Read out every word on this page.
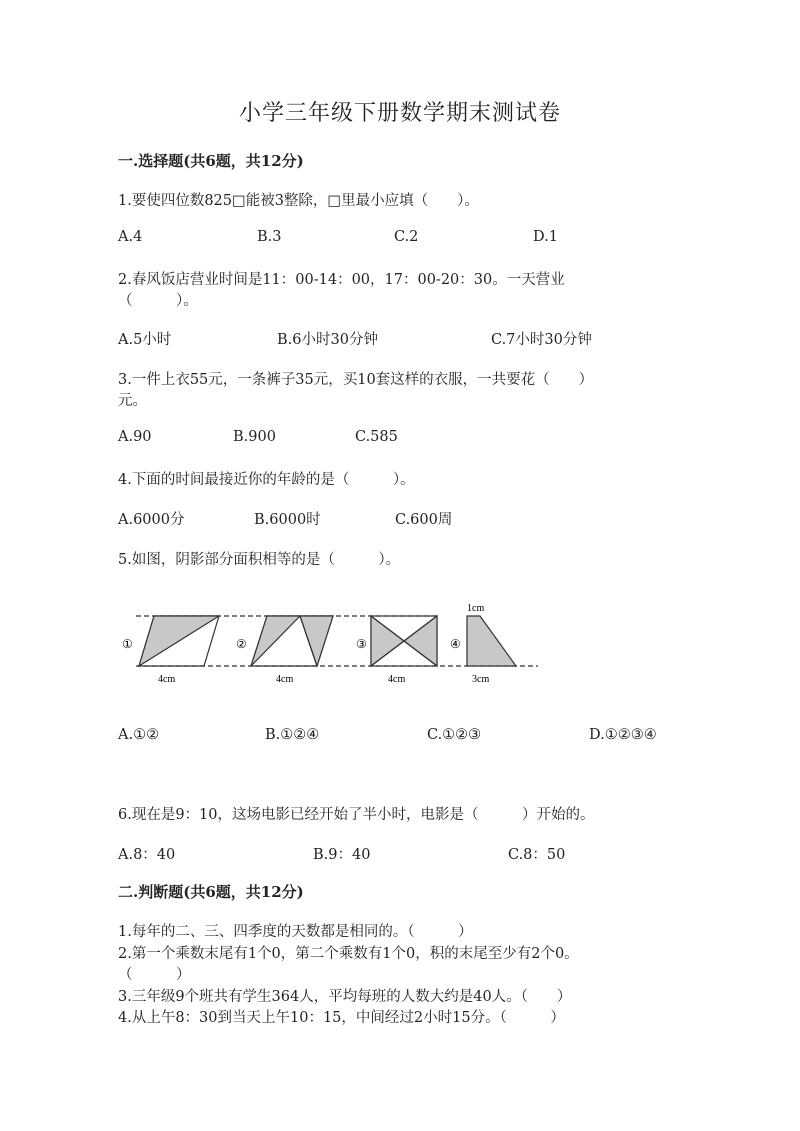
小学三年级下册数学期末测试卷
一.选择题(共6题，共12分)
1.要使四位数825□能被3整除，□里最小应填（　　）。
A.4	B.3	C.2	D.1
2.春风饭店营业时间是11：00-14：00，17：00-20：30。一天营业
（　　　）。
A.5小时	B.6小时30分钟	C.7小时30分钟
3.一件上衣55元，一条裤子35元，买10套这样的衣服，一共要花（　　）
元。
A.90	B.900	C.585
4.下面的时间最接近你的年龄的是（　　　）。
A.6000分	B.6000时	C.600周
5.如图，阴影部分面积相等的是（　　　）。
①	②	③	④
1cm
4cm	4cm	4cm	3cm
A.①②	B.①②④	C.①②③	D.①②③④
6.现在是9：10，这场电影已经开始了半小时，电影是（　　　）开始的。
A.8：40	B.9：40	C.8：50
二.判断题(共6题，共12分)
1.每年的二、三、四季度的天数都是相同的。（　　　）
2.第一个乘数末尾有1个0，第二个乘数有1个0，积的末尾至少有2个0。
（　　　）
3.三年级9个班共有学生364人，平均每班的人数大约是40人。（　　）
4.从上午8：30到当天上午10：15，中间经过2小时15分。（　　　）
